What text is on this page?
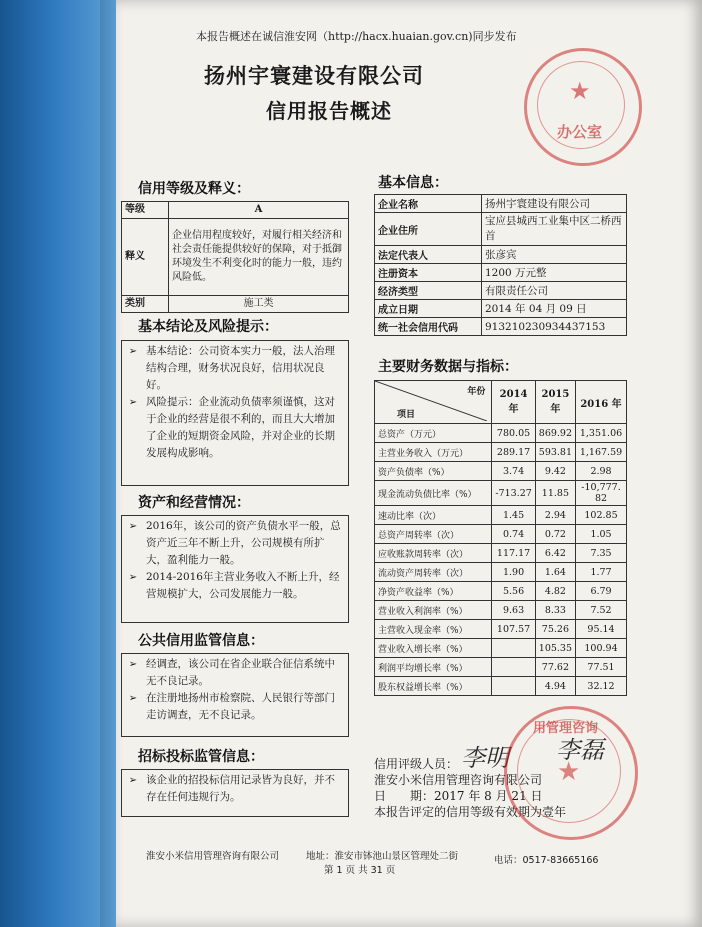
本报告概述在诚信淮安网（http://hacx.huaian.gov.cn)同步发布
扬州宇寰建设有限公司
信用报告概述
★
办公室
信用等级及释义：
等级	A
释义	企业信用程度较好，对履行相关经济和社会责任能提供较好的保障，对于抵御环境发生不利变化时的能力一般，违约风险低。
类别	施工类
基本结论及风险提示：
➢ 基本结论：公司资本实力一般，法人治理结构合理，财务状况良好，信用状况良好。
➢ 风险提示：企业流动负债率须谨慎，这对于企业的经营是很不利的，而且大大增加了企业的短期资金风险，并对企业的长期发展构成影响。
资产和经营情况：
➢ 2016年，该公司的资产负债水平一般，总资产近三年不断上升，公司规模有所扩大，盈利能力一般。
➢ 2014-2016年主营业务收入不断上升，经营规模扩大，公司发展能力一般。
公共信用监管信息：
➢ 经调查，该公司在省企业联合征信系统中无不良记录。
➢ 在注册地扬州市检察院、人民银行等部门走访调查，无不良记录。
招标投标监管信息：
➢ 该企业的招投标信用记录皆为良好，并不存在任何违规行为。
基本信息：
企业名称	扬州宇寰建设有限公司
企业住所	宝应县城西工业集中区二桥西首
法定代表人	张彦宾
注册资本	1200 万元整
经济类型	有限责任公司
成立日期	2014 年 04 月 09 日
统一社会信用代码	913210230934437153
主要财务数据与指标：
年份
项目	2014 年	2015 年	2016 年
总资产（万元）	780.05	869.92	1,351.06
主营业务收入（万元）	289.17	593.81	1,167.59
资产负债率（%）	3.74	9.42	2.98
现金流动负债比率（%）	-713.27	11.85	-10,777.82
速动比率（次）	1.45	2.94	102.85
总资产周转率（次）	0.74	0.72	1.05
应收账款周转率（次）	117.17	6.42	7.35
流动资产周转率（次）	1.90	1.64	1.77
净资产收益率（%）	5.56	4.82	6.79
营业收入利润率（%）	9.63	8.33	7.52
主营收入现金率（%）	107.57	75.26	95.14
营业收入增长率（%）		105.35	100.94
利润平均增长率（%）		77.62	77.51
股东权益增长率（%）		4.94	32.12
信用评级人员：
淮安小米信用管理咨询有限公司
日　　期：2017 年 8 月 21 日
本报告评定的信用等级有效期为壹年
李明 李磊
用管理咨询
★
淮安小米信用管理咨询有限公司	地址：淮安市钵池山景区管理处二街	电话：0517-83665166
第 1 页 共 31 页
